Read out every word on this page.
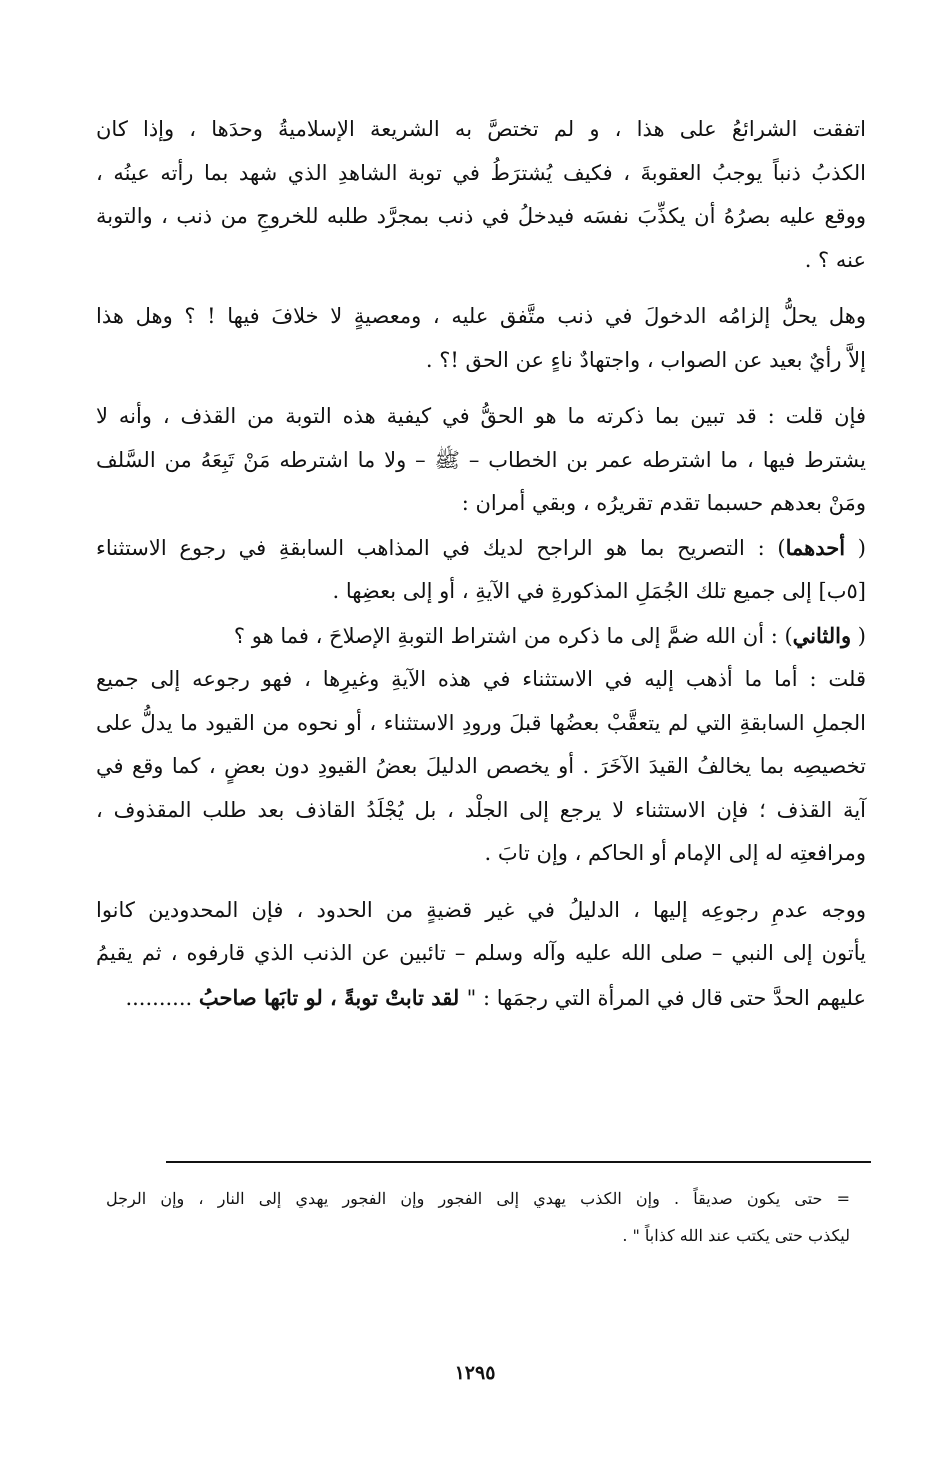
اتفقت الشرائعُ على هذا ، و لم تختصَّ به الشريعة الإسلاميةُ وحدَها ، وإذا كان
الكذبُ ذنباً يوجبُ العقوبةَ ، فكيف يُشترَطُ في توبة الشاهدِ الذي شهد بما رأته عينُه ،
ووقع عليه بصرُهُ أن يكذِّبَ نفسَه فيدخلُ في ذنب بمجرَّد طلبه للخروجِ من ذنب ، والتوبة
عنه ؟ .
وهل يحلُّ إلزامُه الدخولَ في ذنب متَّفق عليه ، ومعصيةٍ لا خلافَ فيها ! ؟ وهل هذا
إلاَّ رأيٌ بعيد عن الصواب ، واجتهادٌ ناءٍ عن الحق !؟ .
فإن قلت : قد تبين بما ذكرته ما هو الحقُّ في كيفية هذه التوبة من القذف ، وأنه لا
يشترط فيها ، ما اشترطه عمر بن الخطاب – ﷺ – ولا ما اشترطه مَنْ تَبِعَهُ من السَّلف
ومَنْ بعدهم حسبما تقدم تقريرُه ، وبقي أمران :
( أحدهما) : التصريح بما هو الراجح لديك في المذاهب السابقةِ في رجوع الاستثناء
[٥ب] إلى جميع تلك الجُمَلِ المذكورةِ في الآيةِ ، أو إلى بعضِها .
( والثاني) : أن الله ضمَّ إلى ما ذكره من اشتراط التوبةِ الإصلاحَ ، فما هو ؟
قلت : أما ما أذهب إليه في الاستثناء في هذه الآيةِ وغيرِها ، فهو رجوعه إلى جميع
الجملِ السابقةِ التي لم يتعقَّبْ بعضُها قبلَ ورودِ الاستثناء ، أو نحوه من القيود ما يدلُّ على
تخصيصِه بما يخالفُ القيدَ الآخَرَ . أو يخصص الدليلَ بعضُ القيودِ دون بعضٍ ، كما وقع في
آية القذف ؛ فإن الاستثناء لا يرجع إلى الجلْد ، بل يُجْلَدُ القاذف بعد طلب المقذوف ،
ومرافعتِه له إلى الإمام أو الحاكم ، وإن تابَ .
ووجه عدمِ رجوعِه إليها ، الدليلُ في غير قضيةٍ من الحدود ، فإن المحدودين كانوا
يأتون إلى النبي – صلى الله عليه وآله وسلم – تائبين عن الذنب الذي قارفوه ، ثم يقيمُ
عليهم الحدَّ حتى قال في المرأة التي رجمَها : " لقد تابتْ توبةً ، لو تابَها صاحبُ ..........
= حتى يكون صديقاً . وإن الكذب يهدي إلى الفجور وإن الفجور يهدي إلى النار ، وإن الرجل
ليكذب حتى يكتب عند الله كذاباً " .
١٢٩٥
